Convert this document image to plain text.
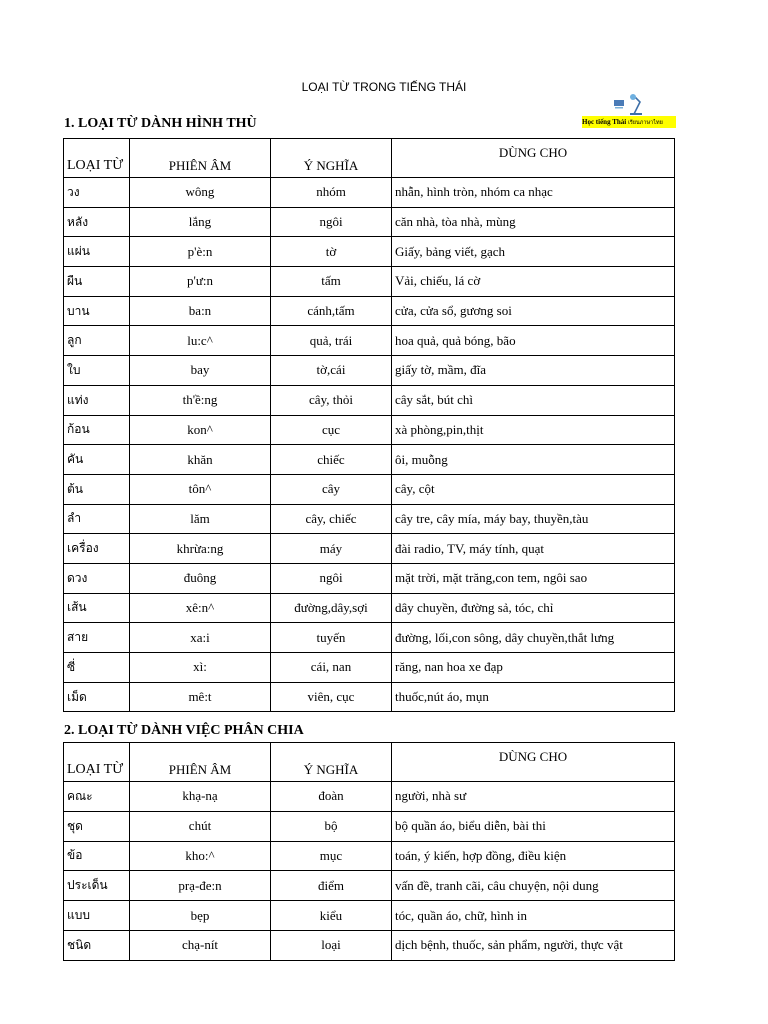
LOẠI TỪ TRONG TIẾNG THÁI
Học tiếng Thái เรียนภาษาไทย
1. LOẠI TỪ DÀNH HÌNH THÙ
LOẠI TỪ	PHIÊN ÂM	Ý NGHĨA	DÙNG CHO
วง	wông	nhóm	nhẫn, hình tròn, nhóm ca nhạc
หลัง	lắng	ngôi	căn nhà, tòa nhà, mùng
แผ่น	p'è:n	tờ	Giấy, bảng viết, gạch
ผืน	p'ư:n	tấm	Vải, chiếu, lá cờ
บาน	ba:n	cánh,tấm	cửa, cửa sổ, gương soi
ลูก	lu:c^	quả, trái	hoa quả, quả bóng, bão
ใบ	bay	tờ,cái	giấy tờ, mầm, đĩa
แท่ง	th'ề:ng	cây, thỏi	cây sắt, bút chì
ก้อน	kon^	cục	xà phòng,pin,thịt
คัน	khăn	chiếc	ôi, muỗng
ต้น	tôn^	cây	cây, cột
ลำ	lăm	cây, chiếc	cây tre, cây mía, máy bay, thuyền,tàu
เครื่อง	khrừa:ng	máy	đài radio, TV, máy tính, quạt
ดวง	đuông	ngôi	mặt trời, mặt trăng,con tem, ngôi sao
เส้น	xê:n^	đường,dây,sợi	dây chuyền, đường sả, tóc, chỉ
สาย	xa:i	tuyến	đường, lối,con sông, dây chuyền,thắt lưng
ซี่	xì:	cái, nan	răng, nan hoa xe đạp
เม็ด	mê:t	viên, cục	thuốc,nút áo, mụn
2. LOẠI TỪ DÀNH VIỆC PHÂN CHIA
LOẠI TỪ	PHIÊN ÂM	Ý NGHĨA	DÙNG CHO
คณะ	khạ-nạ	đoàn	người, nhà sư
ชุด	chút	bộ	bộ quần áo, biểu diễn, bài thi
ข้อ	kho:^	mục	toán, ý kiến, hợp đồng, điều kiện
ประเด็น	prạ-đe:n	điểm	vấn đề, tranh cãi, câu chuyện, nội dung
แบบ	bẹp	kiểu	tóc, quần áo, chữ, hình in
ชนิด	chạ-nít	loại	dịch bệnh, thuốc, sản phẩm, người, thực vật
